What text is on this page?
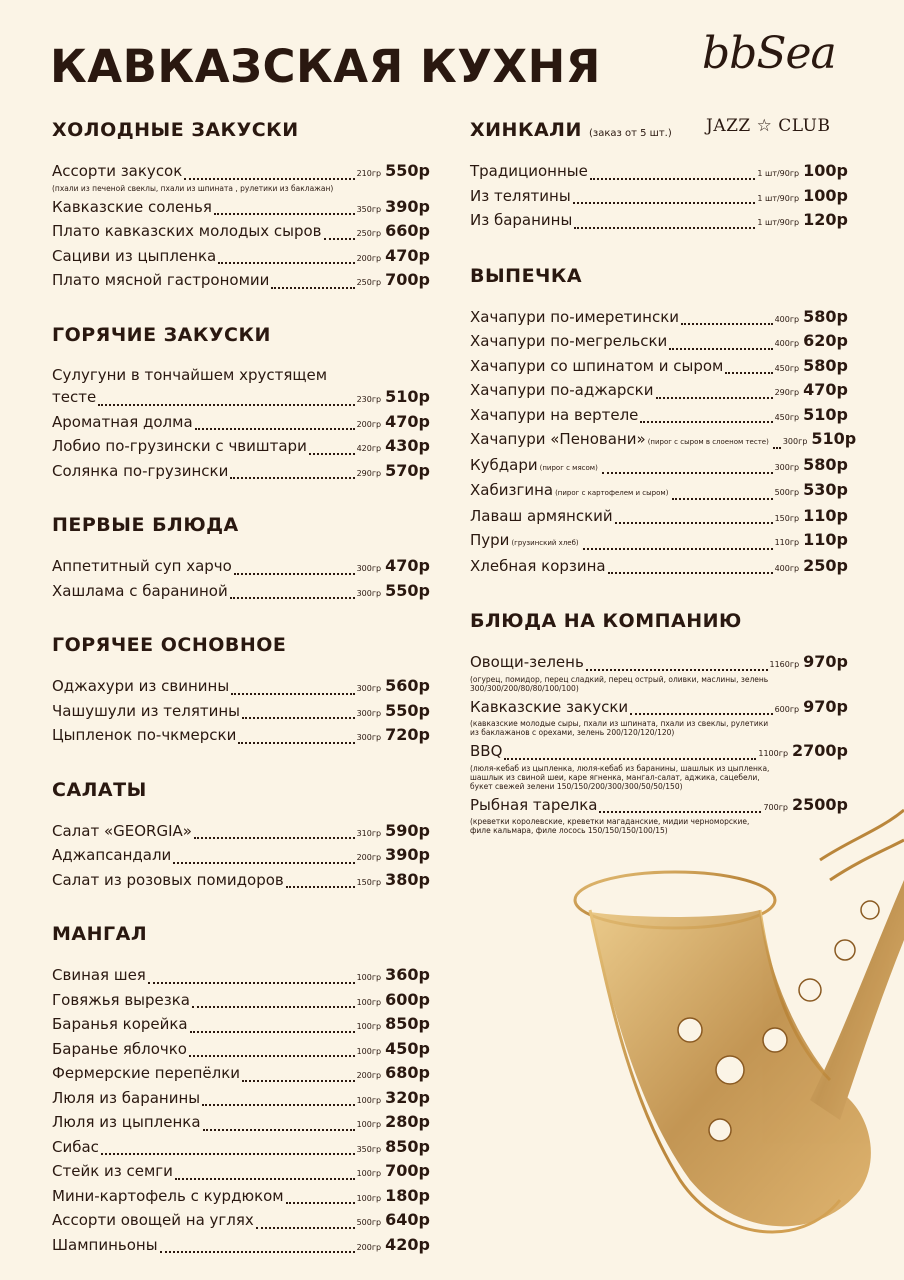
КАВКАЗСКАЯ КУХНЯ bbSea
JAZZ ☆ CLUB
ХОЛОДНЫЕ ЗАКУСКИ
Ассорти закусок	210гр 550р
(пхали из печеной свеклы, пхали из шпината , рулетики из баклажан)
Кавказские соленья	350гр 390р
Плато кавказских молодых сыров	250гр 660р
Сациви из цыпленка	200гр 470р
Плато мясной гастрономии	250гр 700р
ГОРЯЧИЕ ЗАКУСКИ
Сулугуни в тончайшем хрустящем
тесте	230гр 510р
Ароматная долма	200гр 470р
Лобио по-грузински с чвиштари	420гр 430р
Солянка по-грузински	290гр 570р
ПЕРВЫЕ БЛЮДА
Аппетитный суп харчо	300гр 470р
Хашлама с бараниной	300гр 550р
ГОРЯЧЕЕ ОСНОВНОЕ
Оджахури из свинины	300гр 560р
Чашушули из телятины	300гр 550р
Цыпленок по-чкмерски	300гр 720р
САЛАТЫ
Салат «GEORGIA»	310гр 590р
Аджапсандали	200гр 390р
Салат из розовых помидоров	150гр 380р
МАНГАЛ
Свиная шея	100гр 360р
Говяжья вырезка	100гр 600р
Баранья корейка	100гр 850р
Баранье яблочко	100гр 450р
Фермерские перепёлки	200гр 680р
Люля из баранины	100гр 320р
Люля из цыпленка	100гр 280р
Сибас	350гр 850р
Стейк из семги	100гр 700р
Мини-картофель с курдюком	100гр 180р
Ассорти овощей на углях	500гр 640р
Шампиньоны	200гр 420р
ХИНКАЛИ (заказ от 5 шт.)
Традиционные	1 шт/90гр 100р
Из телятины	1 шт/90гр 100р
Из баранины	1 шт/90гр 120р
ВЫПЕЧКА
Хачапури по-имеретински	400гр 580р
Хачапури по-мегрельски	400гр 620р
Хачапури со шпинатом и сыром	450гр 580р
Хачапури по-аджарски	290гр 470р
Хачапури на вертеле	450гр 510р
Хачапури «Пеновани» (пирог с сыром в слоеном тесте) 300гр 510р
Кубдари (пирог с мясом)	300гр 580р
Хабизгина (пирог с картофелем и сыром)	500гр 530р
Лаваш армянский	150гр 110р
Пури (грузинский хлеб)	110гр 110р
Хлебная корзина	400гр 250р
БЛЮДА НА КОМПАНИЮ
Овощи-зелень	1160гр 970р
(огурец, помидор, перец сладкий, перец острый, оливки, маслины, зелень 300/300/200/80/80/100/100)
Кавказские закуски	600гр 970р
(кавказские молодые сыры, пхали из шпината, пхали из свеклы, рулетики из баклажанов с орехами, зелень 200/120/120/120)
BBQ	1100гр 2700р
(люля-кебаб из цыпленка, люля-кебаб из баранины, шашлык из цыпленка, шашлык из свиной шеи, каре ягненка, мангал-салат, аджика, сацебели, букет свежей зелени 150/150/200/300/300/50/50/150)
Рыбная тарелка	700гр 2500р
(креветки королевские, креветки магаданские, мидии черноморские, филе кальмара, филе лосось 150/150/150/100/15)
